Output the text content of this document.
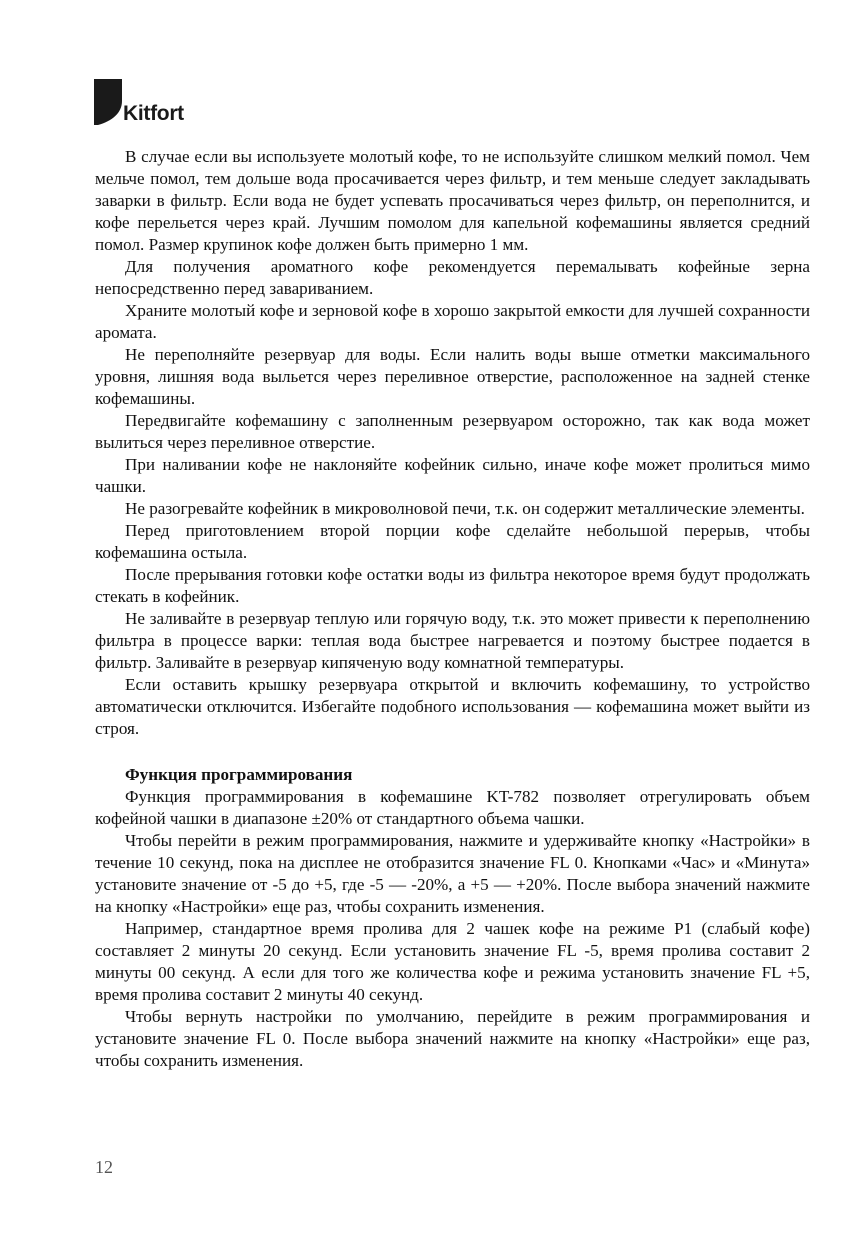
Kitfort

В случае если вы используете молотый кофе, то не используйте слишком мелкий помол. Чем мельче помол, тем дольше вода просачивается через фильтр, и тем меньше следует закладывать заварки в фильтр. Если вода не будет успевать просачиваться через фильтр, он переполнится, и кофе перельется через край. Лучшим помолом для капельной кофемашины является средний помол. Размер крупинок кофе должен быть примерно 1 мм.

Для получения ароматного кофе рекомендуется перемалывать кофейные зерна непосредственно перед завариванием.

Храните молотый кофе и зерновой кофе в хорошо закрытой емкости для лучшей сохранности аромата.

Не переполняйте резервуар для воды. Если налить воды выше отметки максимального уровня, лишняя вода выльется через переливное отверстие, расположенное на задней стенке кофемашины.

Передвигайте кофемашину с заполненным резервуаром осторожно, так как вода может вылиться через переливное отверстие.

При наливании кофе не наклоняйте кофейник сильно, иначе кофе может пролиться мимо чашки.

Не разогревайте кофейник в микроволновой печи, т.к. он содержит металлические элементы.

Перед приготовлением второй порции кофе сделайте небольшой перерыв, чтобы кофемашина остыла.

После прерывания готовки кофе остатки воды из фильтра некоторое время будут продолжать стекать в кофейник.

Не заливайте в резервуар теплую или горячую воду, т.к. это может привести к переполнению фильтра в процессе варки: теплая вода быстрее нагревается и поэтому быстрее подается в фильтр. Заливайте в резервуар кипяченую воду комнатной температуры.

Если оставить крышку резервуара открытой и включить кофемашину, то устройство автоматически отключится. Избегайте подобного использования — кофемашина может выйти из строя.

Функция программирования

Функция программирования в кофемашине KT-782 позволяет отрегулировать объем кофейной чашки в диапазоне ±20% от стандартного объема чашки.

Чтобы перейти в режим программирования, нажмите и удерживайте кнопку «Настройки» в течение 10 секунд, пока на дисплее не отобразится значение FL 0. Кнопками «Час» и «Минута» установите значение от -5 до +5, где -5 — -20%, а +5 — +20%. После выбора значений нажмите на кнопку «Настройки» еще раз, чтобы сохранить изменения.

Например, стандартное время пролива для 2 чашек кофе на режиме P1 (слабый кофе) составляет 2 минуты 20 секунд. Если установить значение FL -5, время пролива составит 2 минуты 00 секунд. А если для того же количества кофе и режима установить значение FL +5, время пролива составит 2 минуты 40 секунд.

Чтобы вернуть настройки по умолчанию, перейдите в режим программирования и установите значение FL 0. После выбора значений нажмите на кнопку «Настройки» еще раз, чтобы сохранить изменения.

12
